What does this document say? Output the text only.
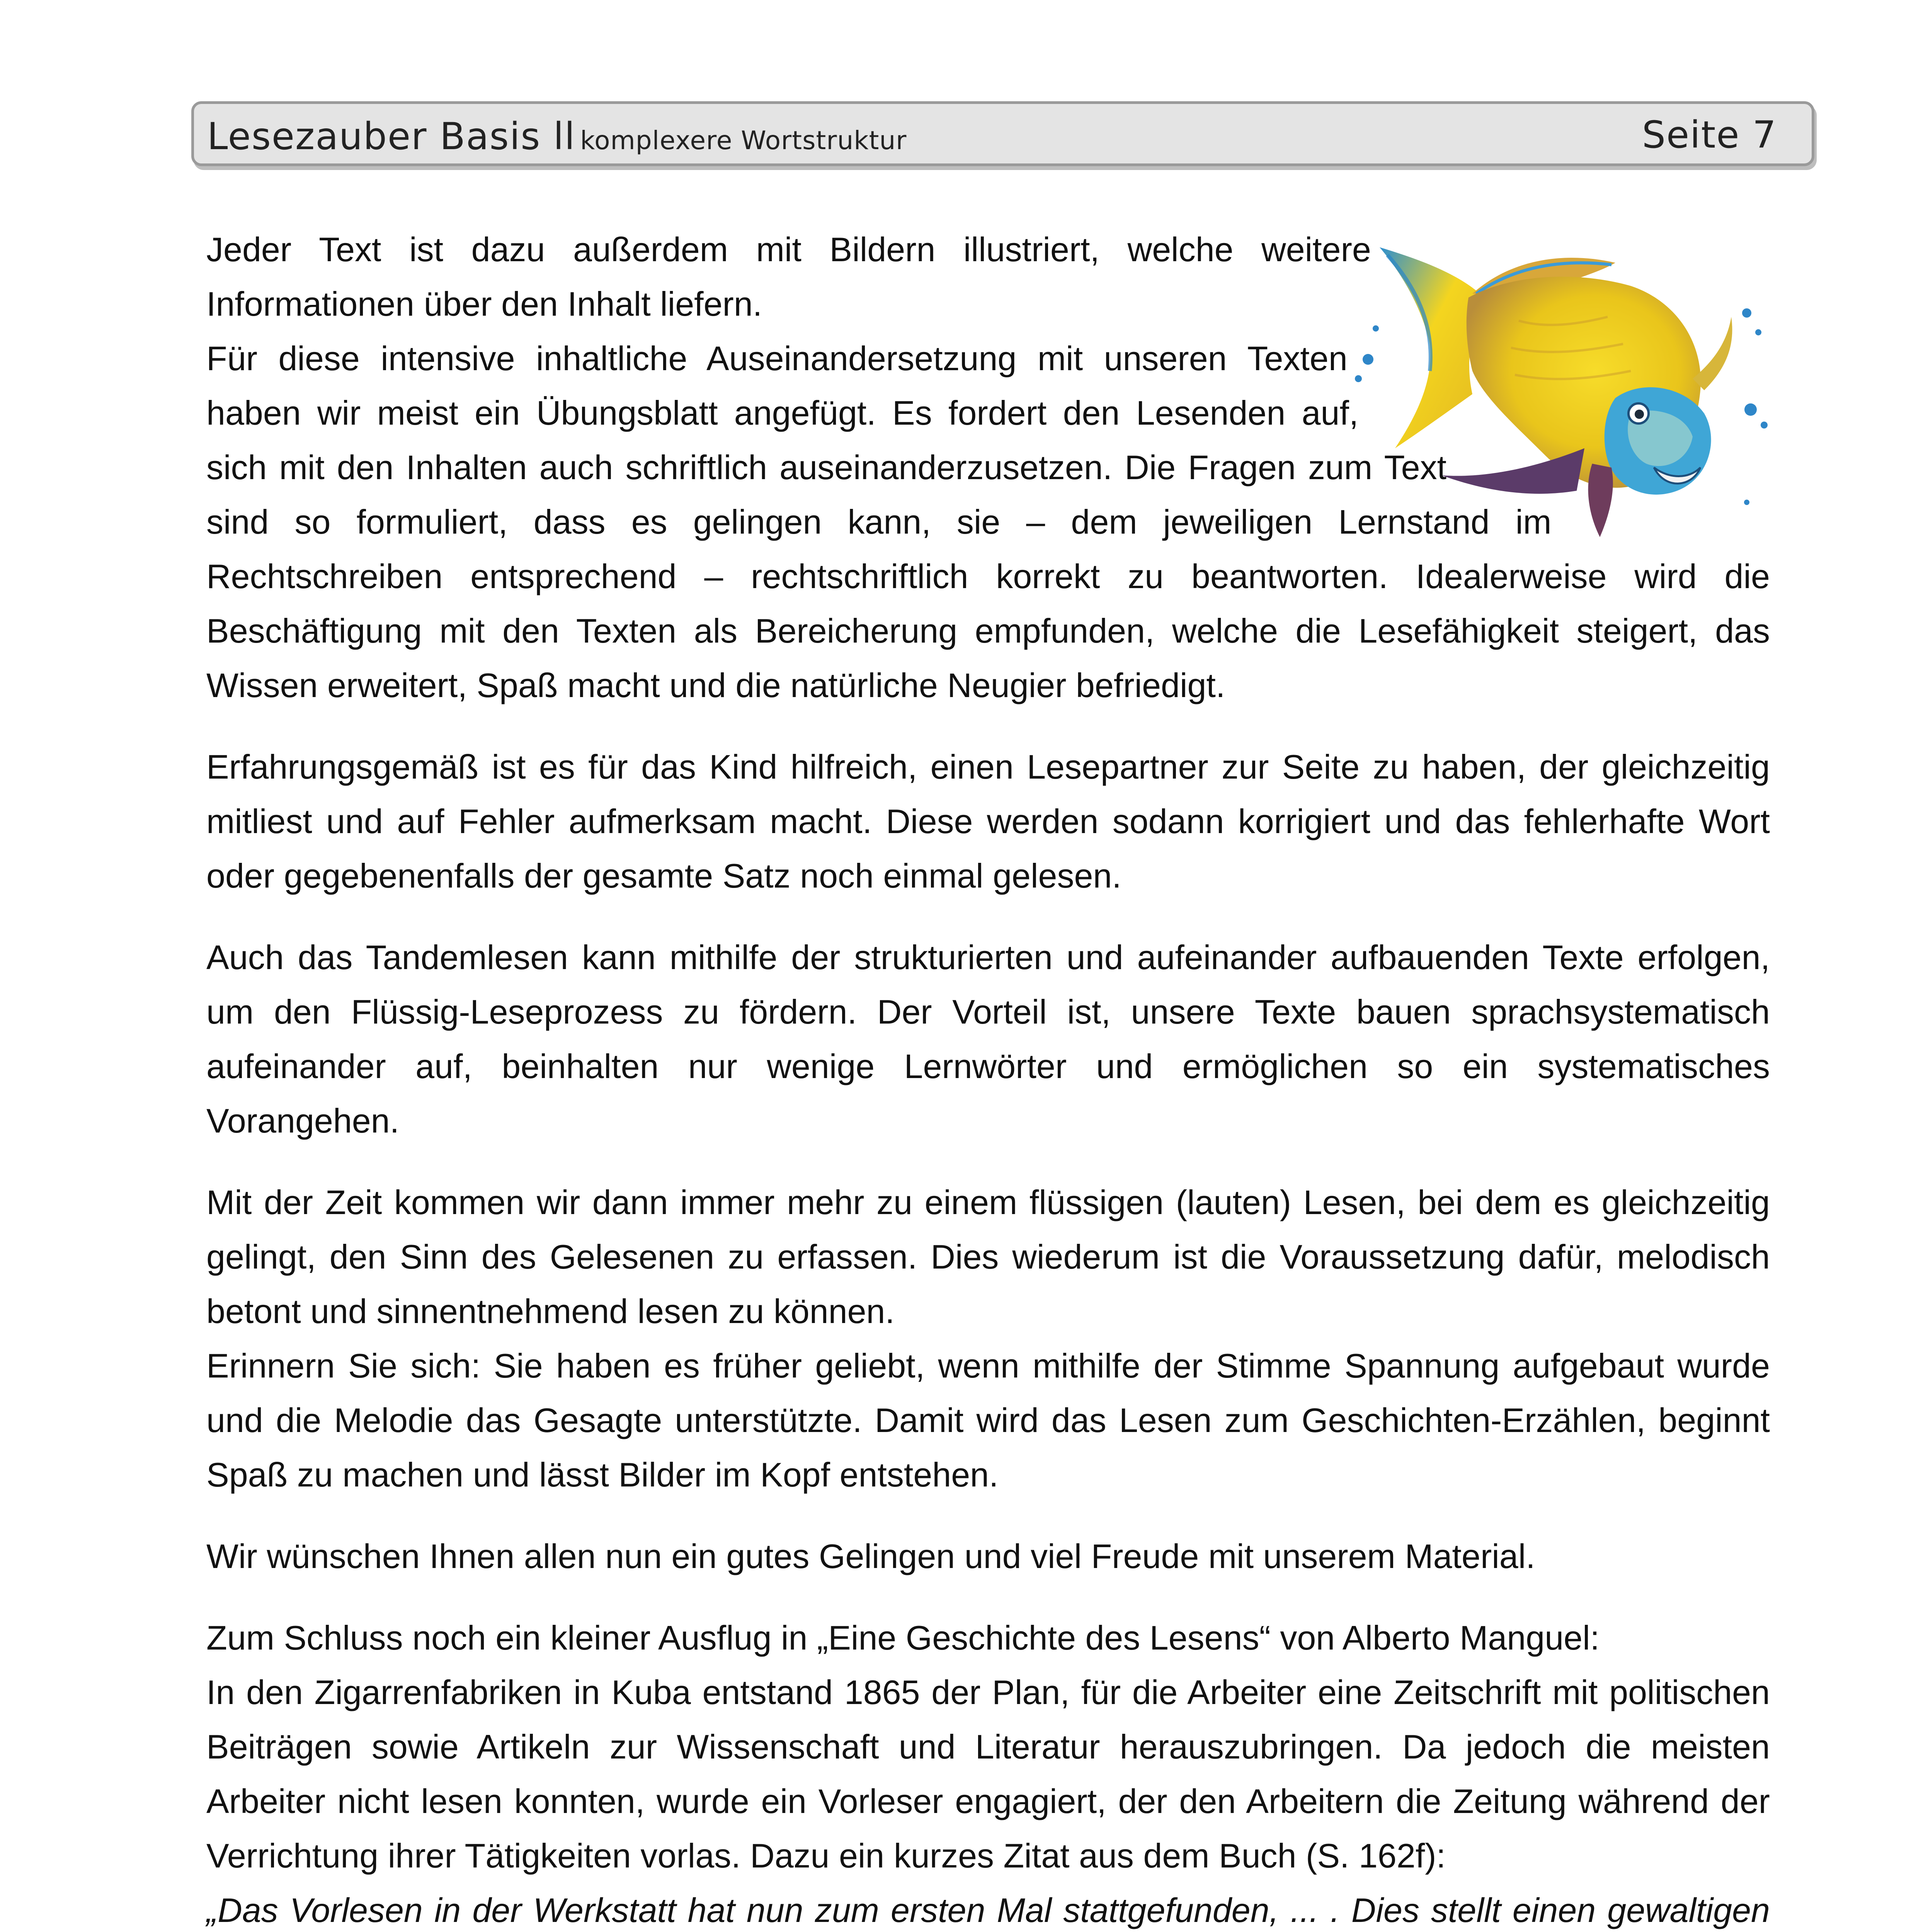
Lesezauber Basis ll komplexere Wortstruktur	Seite 7

Jeder Text ist dazu außerdem mit Bildern illustriert, welche weitere Informationen über den Inhalt liefern.

Für diese intensive inhaltliche Auseinandersetzung mit unseren Texten haben wir meist ein Übungsblatt angefügt. Es fordert den Lesenden auf, sich mit den Inhalten auch schriftlich auseinanderzusetzen. Die Fragen zum Text sind so formuliert, dass es gelingen kann, sie – dem jeweiligen Lernstand im Rechtschreiben entsprechend – rechtschriftlich korrekt zu beantworten. Idealerweise wird die Beschäftigung mit den Texten als Bereicherung empfunden, welche die Lesefähigkeit steigert, das Wissen erweitert, Spaß macht und die natürliche Neugier befriedigt.

Erfahrungsgemäß ist es für das Kind hilfreich, einen Lesepartner zur Seite zu haben, der gleichzeitig mitliest und auf Fehler aufmerksam macht. Diese werden sodann korrigiert und das fehlerhafte Wort oder gegebenenfalls der gesamte Satz noch einmal gelesen.

Auch das Tandemlesen kann mithilfe der strukturierten und aufeinander aufbauenden Texte erfolgen, um den Flüssig-Leseprozess zu fördern. Der Vorteil ist, unsere Texte bauen sprachsystematisch aufeinander auf, beinhalten nur wenige Lernwörter und ermöglichen so ein systematisches Vorangehen.

Mit der Zeit kommen wir dann immer mehr zu einem flüssigen (lauten) Lesen, bei dem es gleichzeitig gelingt, den Sinn des Gelesenen zu erfassen. Dies wiederum ist die Voraussetzung dafür, melodisch betont und sinnentnehmend lesen zu können.

Erinnern Sie sich: Sie haben es früher geliebt, wenn mithilfe der Stimme Spannung aufgebaut wurde und die Melodie das Gesagte unterstützte. Damit wird das Lesen zum Geschichten-Erzählen, beginnt Spaß zu machen und lässt Bilder im Kopf entstehen.

Wir wünschen Ihnen allen nun ein gutes Gelingen und viel Freude mit unserem Material.

Zum Schluss noch ein kleiner Ausflug in „Eine Geschichte des Lesens“ von Alberto Manguel:

In den Zigarrenfabriken in Kuba entstand 1865 der Plan, für die Arbeiter eine Zeitschrift mit politischen Beiträgen sowie Artikeln zur Wissenschaft und Literatur herauszubringen. Da jedoch die meisten Arbeiter nicht lesen konnten, wurde ein Vorleser engagiert, der den Arbeitern die Zeitung während der Verrichtung ihrer Tätigkeiten vorlas. Dazu ein kurzes Zitat aus dem Buch (S. 162f):

„Das Vorlesen in der Werkstatt hat nun zum ersten Mal stattgefunden, ... . Dies stellt einen gewaltigen
